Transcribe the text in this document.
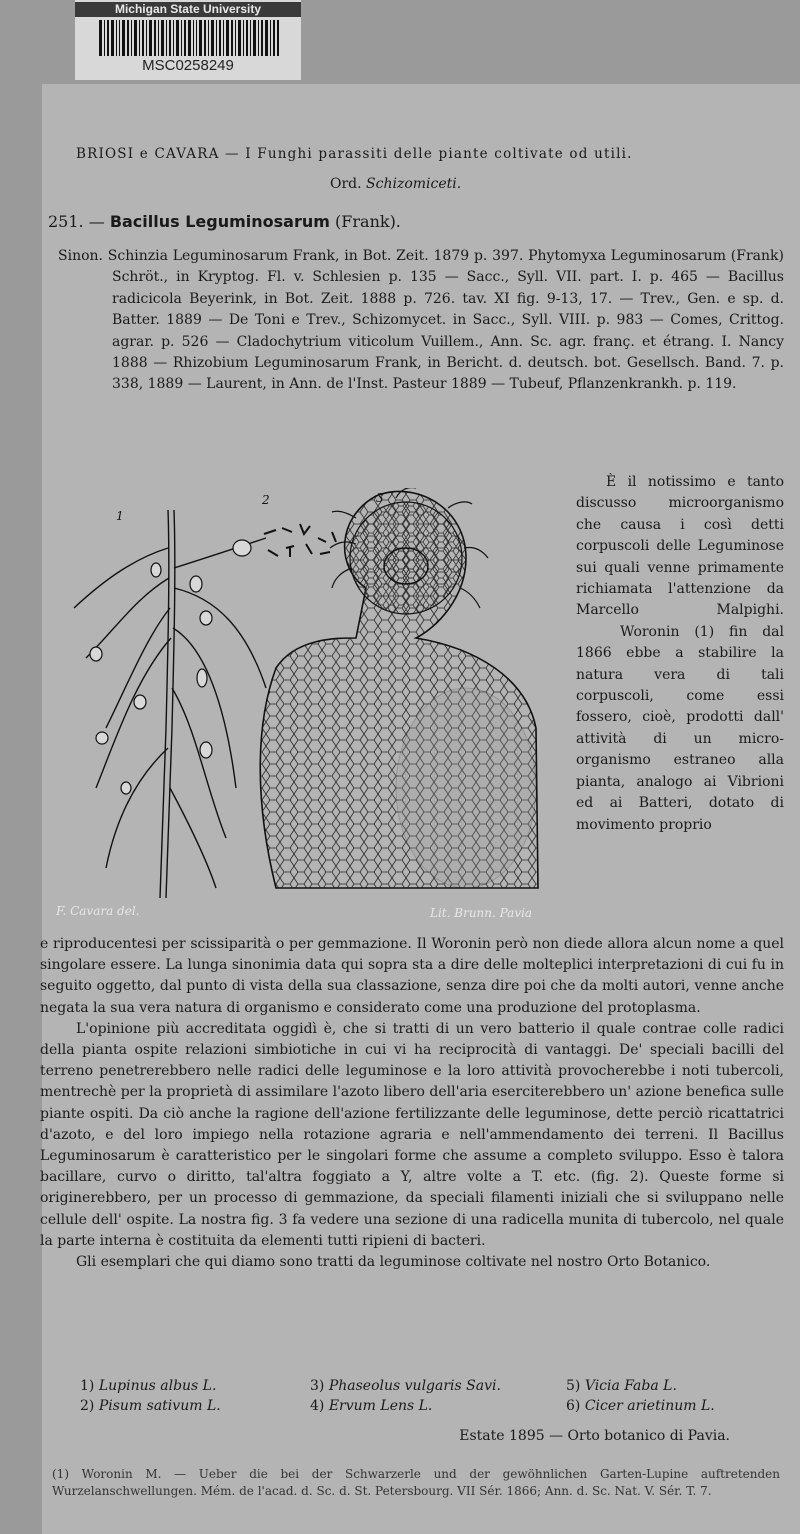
Michigan State University
MSC0258249
BRIOSI e CAVARA — I Funghi parassiti delle piante coltivate od utili.
Ord. Schizomiceti.
251. — Bacillus Leguminosarum (Frank).
Sinon. Schinzia Leguminosarum Frank, in Bot. Zeit. 1879 p. 397. Phytomyxa Leguminosarum (Frank) Schröt., in Kryptog. Fl. v. Schlesien p. 135 — Sacc., Syll. VII. part. I. p. 465 — Bacillus radicicola Beyerink, in Bot. Zeit. 1888 p. 726. tav. XI fig. 9-13, 17. — Trev., Gen. e sp. d. Batter. 1889 — De Toni e Trev., Schizomycet. in Sacc., Syll. VIII. p. 983 — Comes, Crittog. agrar. p. 526 — Cladochytrium viticolum Vuillem., Ann. Sc. agr. franç. et étrang. I. Nancy 1888 — Rhizobium Leguminosarum Frank, in Bericht. d. deutsch. bot. Gesellsch. Band. 7. p. 338, 1889 — Laurent, in Ann. de l'Inst. Pasteur 1889 — Tubeuf, Pflanzenkrankh. p. 119.
1
2	3
F. Cavara del.	Lit. Brunn. Pavia
È il notissimo e tanto discusso microorganismo che causa i così detti corpuscoli delle Leguminose sui quali venne primamente richiamata l'attenzione da Marcello Malpighi.
Woronin (1) fin dal 1866 ebbe a stabilire la natura vera di tali corpuscoli, come essi fossero, cioè, prodotti dall' attività di un micro-organismo estraneo alla pianta, analogo ai Vibrioni ed ai Batteri, dotato di movimento proprio

e riproducentesi per scissiparità o per gemmazione. Il Woronin però non diede allora alcun nome a quel singolare essere. La lunga sinonimia data qui sopra sta a dire delle molteplici interpretazioni di cui fu in seguito oggetto, dal punto di vista della sua classazione, senza dire poi che da molti autori, venne anche negata la sua vera natura di organismo e considerato come una produzione del protoplasma.

L'opinione più accreditata oggidì è, che si tratti di un vero batterio il quale contrae colle radici della pianta ospite relazioni simbiotiche in cui vi ha reciprocità di vantaggi. De' speciali bacilli del terreno penetrerebbero nelle radici delle leguminose e la loro attività provocherebbe i noti tubercoli, mentrechè per la proprietà di assimilare l'azoto libero dell'aria eserciterebbero un' azione benefica sulle piante ospiti. Da ciò anche la ragione dell'azione fertilizzante delle leguminose, dette perciò ricattatrici d'azoto, e del loro impiego nella rotazione agraria e nell'ammendamento dei terreni. Il Bacillus Leguminosarum è caratteristico per le singolari forme che assume a completo sviluppo. Esso è talora bacillare, curvo o diritto, tal'altra foggiato a Y, altre volte a T. etc. (fig. 2). Queste forme si originerebbero, per un processo di gemmazione, da speciali filamenti iniziali che si sviluppano nelle cellule dell' ospite. La nostra fig. 3 fa vedere una sezione di una radicella munita di tubercolo, nel quale la parte interna è costituita da elementi tutti ripieni di bacteri.

Gli esemplari che qui diamo sono tratti da leguminose coltivate nel nostro Orto Botanico.

1) Lupinus albus L.
2) Pisum sativum L.
3) Phaseolus vulgaris Savi.
4) Ervum Lens L.
5) Vicia Faba L.
6) Cicer arietinum L.
Estate 1895 — Orto botanico di Pavia.
(1) Woronin M. — Ueber die bei der Schwarzerle und der gewöhnlichen Garten-Lupine auftretenden Wurzelanschwellungen. Mém. de l'acad. d. Sc. d. St. Petersbourg. VII Sér. 1866; Ann. d. Sc. Nat. V. Sér. T. 7.
